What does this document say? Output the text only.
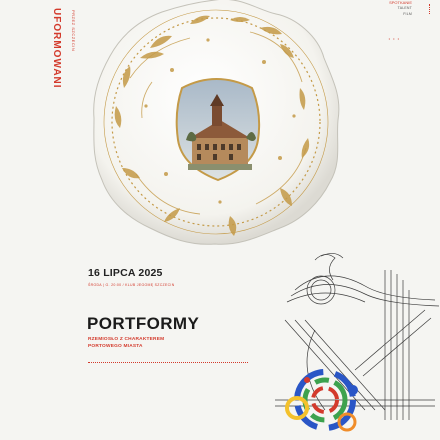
UFORMOWANI PRZEZ SZCZECIN
SPOTKANIE
TALENT
FILM
• • •
16 LIPCA 2025
ŚRODA | G. 20:00 / KLUB JEGOMĘ SZCZECIN
PORTFORMY
RZEMIOSŁO Z CHARAKTEREM
PORTOWEGO MIASTA
